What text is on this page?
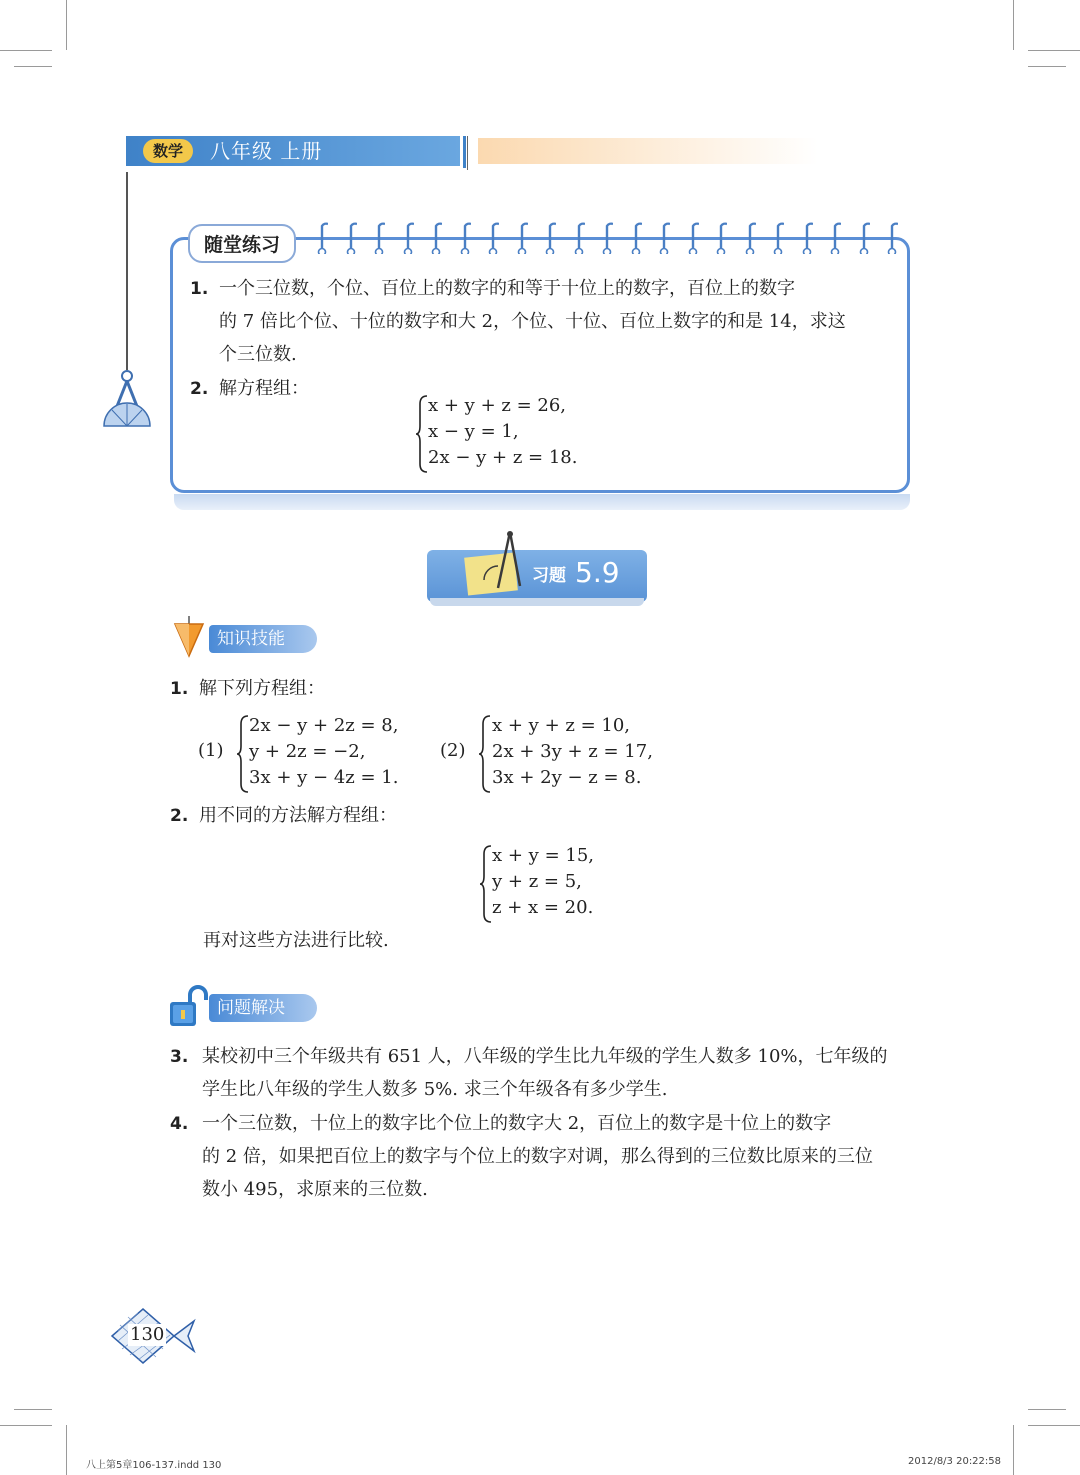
数学	八年级 上册
随堂练习
1. 一个三位数，个位、百位上的数字的和等于十位上的数字，百位上的数字
的 7 倍比个位、十位的数字和大 2，个位、十位、百位上数字的和是 14，求这
个三位数.
2. 解方程组：
x + y + z = 26,
x − y = 1,
2x − y + z = 18.
习题 5.9
知识技能
1. 解下列方程组：
(1)
2x − y + 2z = 8,
y + 2z = −2,
3x + y − 4z = 1.
(2)
x + y + z = 10,
2x + 3y + z = 17,
3x + 2y − z = 8.
2. 用不同的方法解方程组：
x + y = 15,
y + z = 5,
z + x = 20.
再对这些方法进行比较.
问题解决
3. 某校初中三个年级共有 651 人，八年级的学生比九年级的学生人数多 10%，七年级的
学生比八年级的学生人数多 5%. 求三个年级各有多少学生.
4. 一个三位数，十位上的数字比个位上的数字大 2，百位上的数字是十位上的数字
的 2 倍，如果把百位上的数字与个位上的数字对调，那么得到的三位数比原来的三位
数小 495，求原来的三位数.
130
八上第5章106-137.indd 130	2012/8/3 20:22:58
